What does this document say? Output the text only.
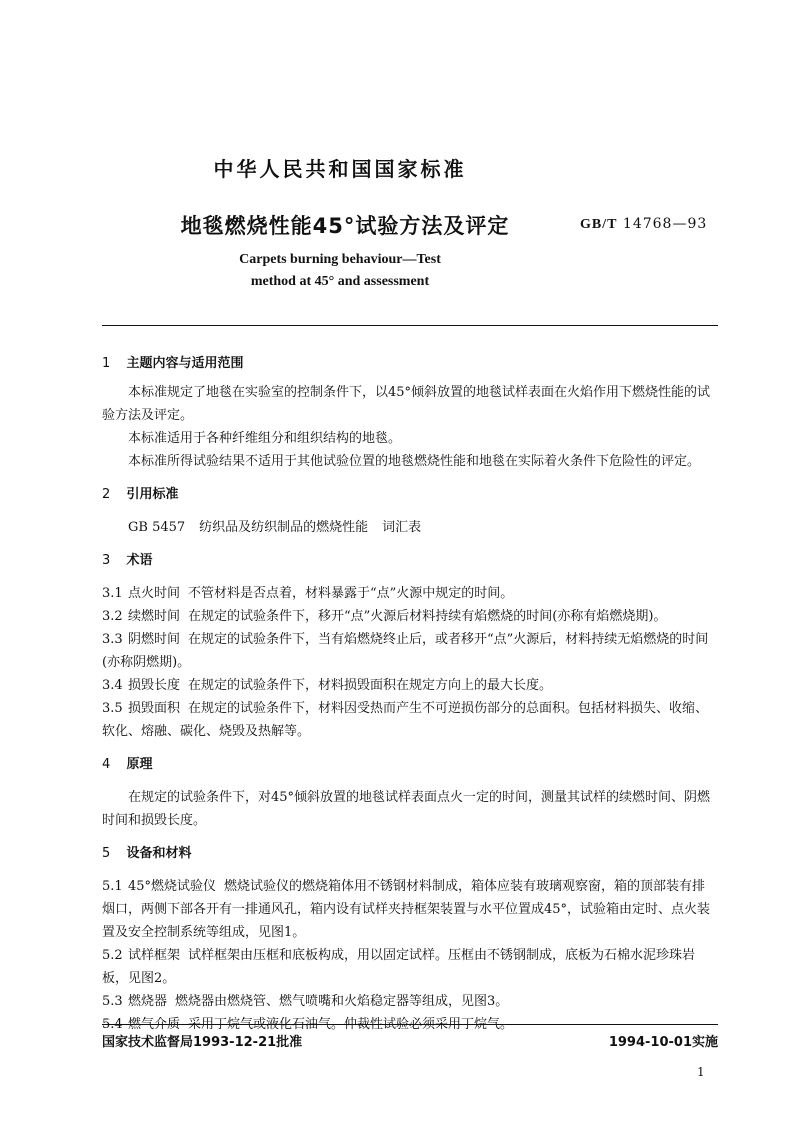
中华人民共和国国家标准
地毯燃烧性能45°试验方法及评定	GB/T 14768—93
Carpets burning behaviour—Test
method at 45° and assessment
1 主题内容与适用范围

本标准规定了地毯在实验室的控制条件下，以45°倾斜放置的地毯试样表面在火焰作用下燃烧性能的试验方法及评定。

本标准适用于各种纤维组分和组织结构的地毯。

本标准所得试验结果不适用于其他试验位置的地毯燃烧性能和地毯在实际着火条件下危险性的评定。

2 引用标准

GB 5457 纺织品及纺织制品的燃烧性能 词汇表

3 术语

3.1 点火时间 不管材料是否点着，材料暴露于“点”火源中规定的时间。

3.2 续燃时间 在规定的试验条件下，移开“点”火源后材料持续有焰燃烧的时间(亦称有焰燃烧期)。

3.3 阴燃时间 在规定的试验条件下，当有焰燃烧终止后，或者移开“点”火源后，材料持续无焰燃烧的时间(亦称阴燃期)。

3.4 损毁长度 在规定的试验条件下，材料损毁面积在规定方向上的最大长度。

3.5 损毁面积 在规定的试验条件下，材料因受热而产生不可逆损伤部分的总面积。包括材料损失、收缩、软化、熔融、碳化、烧毁及热解等。

4 原理

在规定的试验条件下，对45°倾斜放置的地毯试样表面点火一定的时间，测量其试样的续燃时间、阴燃时间和损毁长度。

5 设备和材料

5.1 45°燃烧试验仪 燃烧试验仪的燃烧箱体用不锈钢材料制成，箱体应装有玻璃观察窗，箱的顶部装有排烟口，两侧下部各开有一排通风孔，箱内设有试样夹持框架装置与水平位置成45°，试验箱由定时、点火装置及安全控制系统等组成，见图1。

5.2 试样框架 试样框架由压框和底板构成，用以固定试样。压框由不锈钢制成，底板为石棉水泥珍珠岩板，见图2。

5.3 燃烧器 燃烧器由燃烧管、燃气喷嘴和火焰稳定器等组成，见图3。

5.4 燃气介质 采用丁烷气或液化石油气。仲裁性试验必须采用丁烷气。

国家技术监督局1993-12-21批准	1994-10-01实施
1
